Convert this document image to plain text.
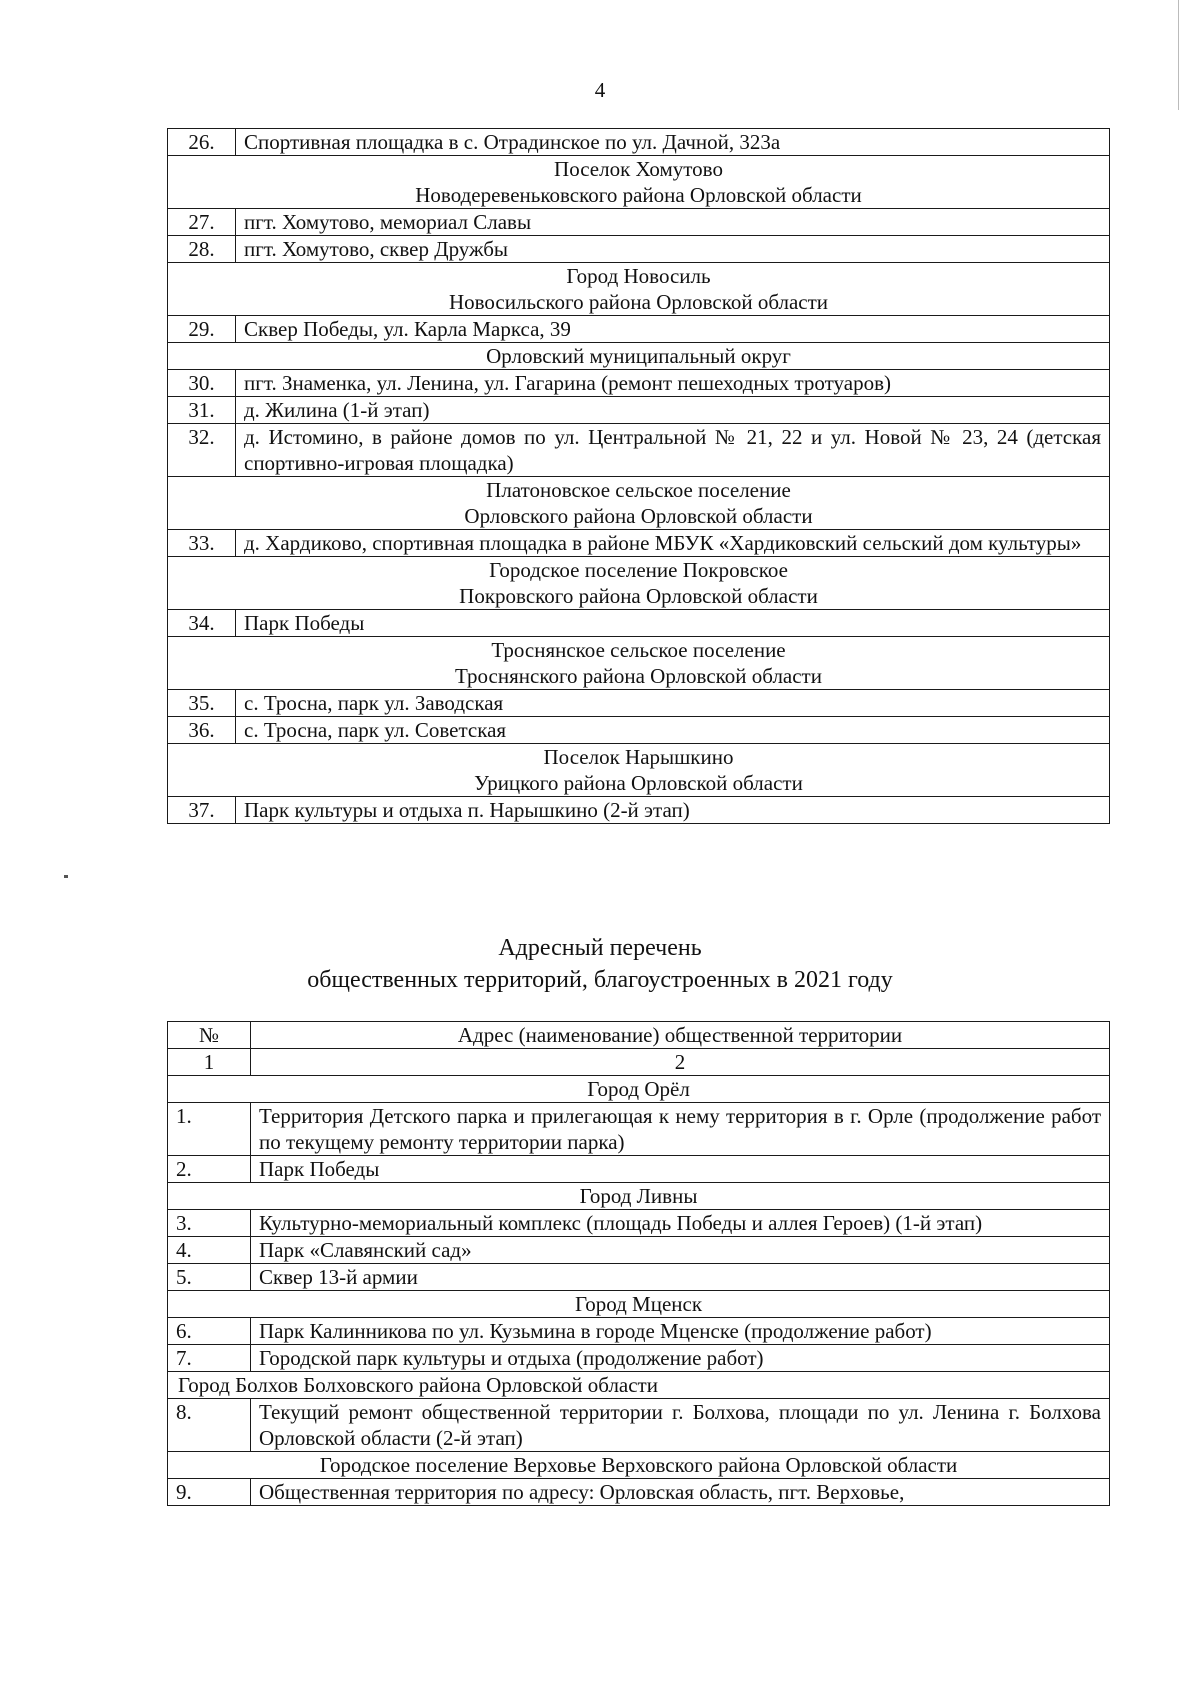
4
26.	Спортивная площадка в с. Отрадинское по ул. Дачной, 323а

Поселок Хомутово
Новодеревеньковского района Орловской области	

27.	пгт. Хомутово, мемориал Славы
28.	пгт. Хомутово, сквер Дружбы

Город Новосиль
Новосильского района Орловской области	

29.	Сквер Победы, ул. Карла Маркса, 39

Орловский муниципальный округ	

30.	пгт. Знаменка, ул. Ленина, ул. Гагарина (ремонт пешеходных тротуаров)
31.	д. Жилина (1-й этап)
32.	д. Истомино, в районе домов по ул. Центральной № 21, 22 и ул. Новой № 23, 24 (детская спортивно-игровая площадка)

Платоновское сельское поселение
Орловского района Орловской области	

33.	д. Хардиково, спортивная площадка в районе МБУК «Хардиковский сельский дом культуры»

Городское поселение Покровское
Покровского района Орловской области	

34.	Парк Победы

Троснянское сельское поселение
Троснянского района Орловской области	

35.	с. Тросна, парк ул. Заводская
36.	с. Тросна, парк ул. Советская

Поселок Нарышкино
Урицкого района Орловской области	

37.	Парк культуры и отдыха п. Нарышкино (2-й этап)
Адресный перечень
общественных территорий, благоустроенных в 2021 году
№	Адрес (наименование) общественной территории
1	2

Город Орёл	

1.	Территория Детского парка и прилегающая к нему территория в г. Орле (продолжение работ по текущему ремонту территории парка)
2.	Парк Победы

Город Ливны	

3.	Культурно-мемориальный комплекс (площадь Победы и аллея Героев) (1-й этап)
4.	Парк «Славянский сад»
5.	Сквер 13-й армии

Город Мценск	

6.	Парк Калинникова по ул. Кузьмина в городе Мценске (продолжение работ)
7.	Городской парк культуры и отдыха (продолжение работ)

Город Болхов Болховского района Орловской области	

8.	Текущий ремонт общественной территории г. Болхова, площади по ул. Ленина г. Болхова Орловской области (2-й этап)

Городское поселение Верховье Верховского района Орловской области	

9.	Общественная территория по адресу: Орловская область, пгт. Верховье,
